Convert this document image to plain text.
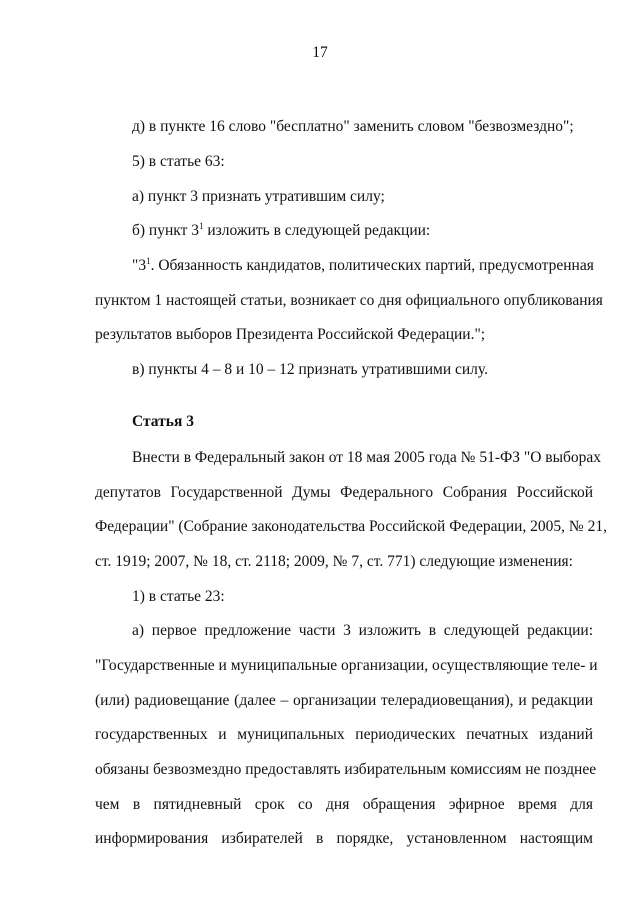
17
д) в пункте 16 слово "бесплатно" заменить словом "безвозмездно";
5) в статье 63:
а) пункт 3 признать утратившим силу;
б) пункт $3^1$ изложить в следующей редакции:
"$3^1$. Обязанность кандидатов, политических партий, предусмотренная
пунктом 1 настоящей статьи, возникает со дня официального опубликования
результатов выборов Президента Российской Федерации.";
в) пункты 4 – 8 и 10 – 12 признать утратившими силу.
Статья 3
Внести в Федеральный закон от 18 мая 2005 года № 51-ФЗ "О выборах
депутатов Государственной Думы Федерального Собрания Российской
Федерации" (Собрание законодательства Российской Федерации, 2005, № 21,
ст. 1919; 2007, № 18, ст. 2118; 2009, № 7, ст. 771) следующие изменения:
1) в статье 23:
а) первое предложение части 3 изложить в следующей редакции:
"Государственные и муниципальные организации, осуществляющие теле- и
(или) радиовещание (далее – организации телерадиовещания), и редакции
государственных и муниципальных периодических печатных изданий
обязаны безвозмездно предоставлять избирательным комиссиям не позднее
чем в пятидневный срок со дня обращения эфирное время для
информирования избирателей в порядке, установленном настоящим
